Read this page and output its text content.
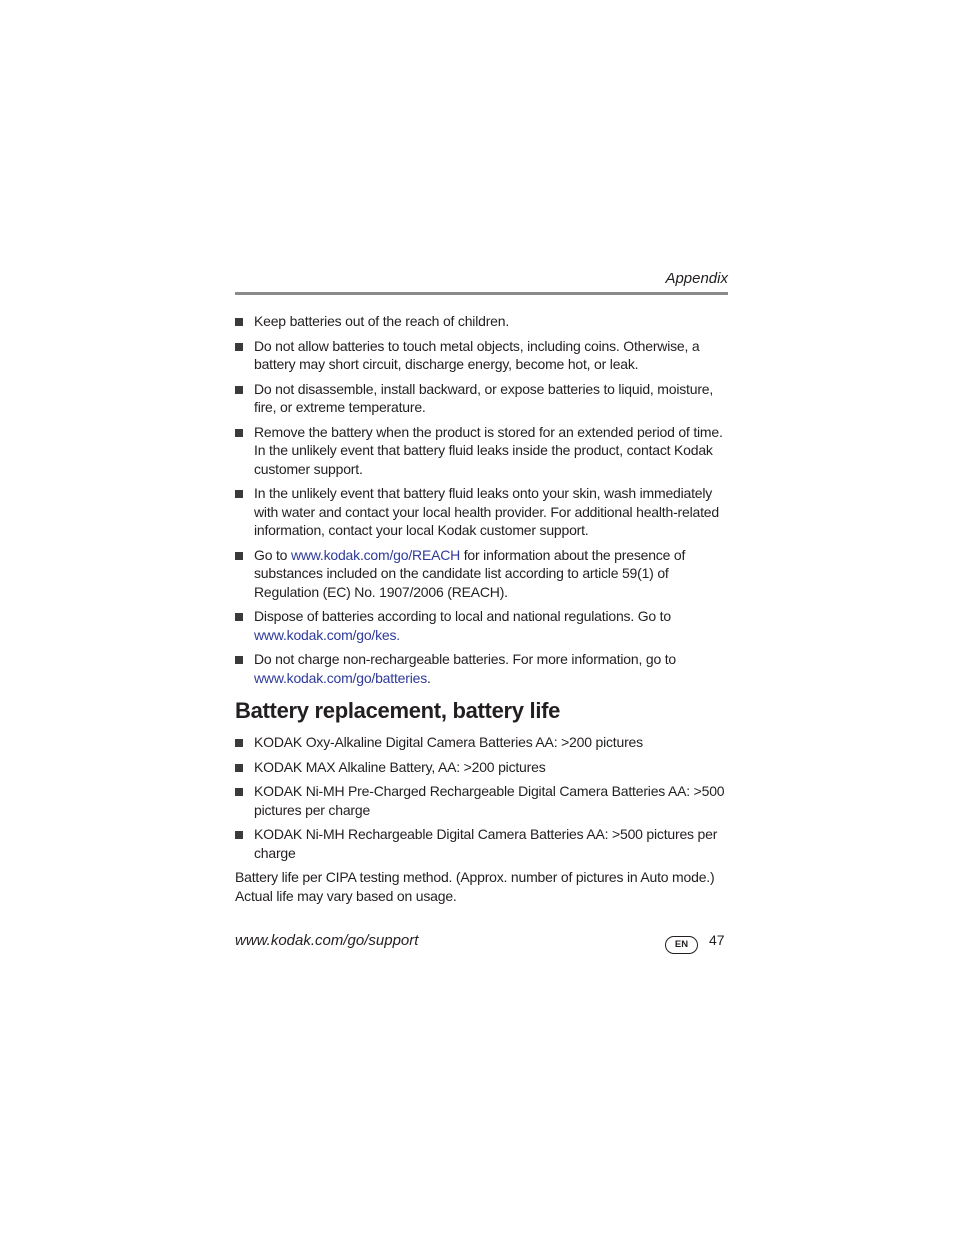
Appendix
Keep batteries out of the reach of children.
Do not allow batteries to touch metal objects, including coins. Otherwise, a battery may short circuit, discharge energy, become hot, or leak.
Do not disassemble, install backward, or expose batteries to liquid, moisture, fire, or extreme temperature.
Remove the battery when the product is stored for an extended period of time. In the unlikely event that battery fluid leaks inside the product, contact Kodak customer support.
In the unlikely event that battery fluid leaks onto your skin, wash immediately with water and contact your local health provider. For additional health-related information, contact your local Kodak customer support.
Go to www.kodak.com/go/REACH for information about the presence of substances included on the candidate list according to article 59(1) of Regulation (EC) No. 1907/2006 (REACH).
Dispose of batteries according to local and national regulations. Go to www.kodak.com/go/kes.
Do not charge non-rechargeable batteries. For more information, go to www.kodak.com/go/batteries.
Battery replacement, battery life
KODAK Oxy-Alkaline Digital Camera Batteries AA: >200 pictures
KODAK MAX Alkaline Battery, AA: >200 pictures
KODAK Ni-MH Pre-Charged Rechargeable Digital Camera Batteries AA: >500 pictures per charge
KODAK Ni-MH Rechargeable Digital Camera Batteries AA: >500 pictures per charge

Battery life per CIPA testing method. (Approx. number of pictures in Auto mode.) Actual life may vary based on usage.

www.kodak.com/go/support	EN	47
